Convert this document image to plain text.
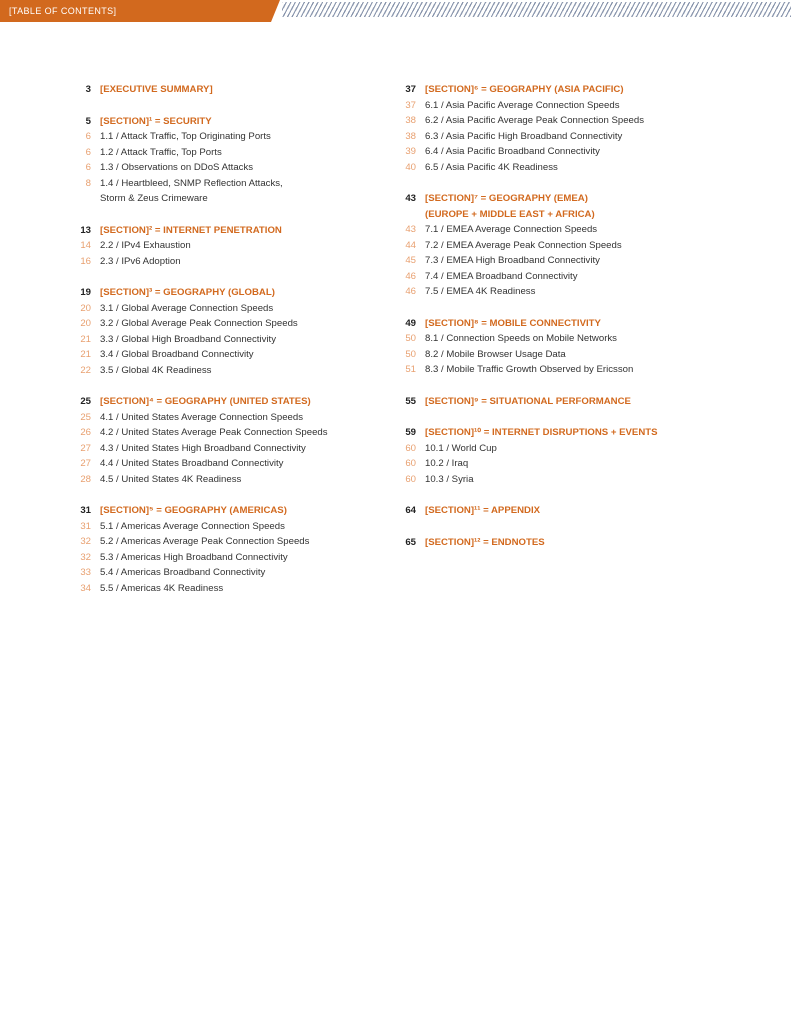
[TABLE OF CONTENTS]
3 [EXECUTIVE SUMMARY]
5 [SECTION]¹ = SECURITY
6 1.1 / Attack Traffic, Top Originating Ports
6 1.2 / Attack Traffic, Top Ports
6 1.3 / Observations on DDoS Attacks
8 1.4 / Heartbleed, SNMP Reflection Attacks,
Storm & Zeus Crimeware
13 [SECTION]² = INTERNET PENETRATION
14 2.2 / IPv4 Exhaustion
16 2.3 / IPv6 Adoption
19 [SECTION]³ = GEOGRAPHY (GLOBAL)
20 3.1 / Global Average Connection Speeds
20 3.2 / Global Average Peak Connection Speeds
21 3.3 / Global High Broadband Connectivity
21 3.4 / Global Broadband Connectivity
22 3.5 / Global 4K Readiness
25 [SECTION]⁴ = GEOGRAPHY (UNITED STATES)
25 4.1 / United States Average Connection Speeds
26 4.2 / United States Average Peak Connection Speeds
27 4.3 / United States High Broadband Connectivity
27 4.4 / United States Broadband Connectivity
28 4.5 / United States 4K Readiness
31 [SECTION]⁵ = GEOGRAPHY (AMERICAS)
31 5.1 / Americas Average Connection Speeds
32 5.2 / Americas Average Peak Connection Speeds
32 5.3 / Americas High Broadband Connectivity
33 5.4 / Americas Broadband Connectivity
34 5.5 / Americas 4K Readiness
37 [SECTION]⁶ = GEOGRAPHY (ASIA PACIFIC)
37 6.1 / Asia Pacific Average Connection Speeds
38 6.2 / Asia Pacific Average Peak Connection Speeds
38 6.3 / Asia Pacific High Broadband Connectivity
39 6.4 / Asia Pacific Broadband Connectivity
40 6.5 / Asia Pacific 4K Readiness
43 [SECTION]⁷ = GEOGRAPHY (EMEA)
(EUROPE + MIDDLE EAST + AFRICA)
43 7.1 / EMEA Average Connection Speeds
44 7.2 / EMEA Average Peak Connection Speeds
45 7.3 / EMEA High Broadband Connectivity
46 7.4 / EMEA Broadband Connectivity
46 7.5 / EMEA 4K Readiness
49 [SECTION]⁸ = MOBILE CONNECTIVITY
50 8.1 / Connection Speeds on Mobile Networks
50 8.2 / Mobile Browser Usage Data
51 8.3 / Mobile Traffic Growth Observed by Ericsson
55 [SECTION]⁹ = SITUATIONAL PERFORMANCE
59 [SECTION]¹⁰ = INTERNET DISRUPTIONS + EVENTS
60 10.1 / World Cup
60 10.2 / Iraq
60 10.3 / Syria
64 [SECTION]¹¹ = APPENDIX
65 [SECTION]¹² = ENDNOTES
